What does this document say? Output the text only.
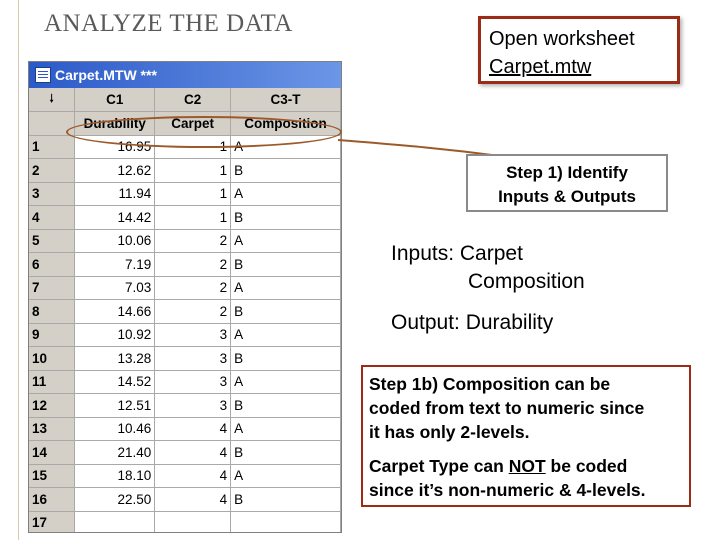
ANALYZE THE DATA
Carpet.MTW ***
🠓	C1	C2	C3-T
	Durability	Carpet	Composition
1	16.95	1	A
2	12.62	1	B
3	11.94	1	A
4	14.42	1	B
5	10.06	2	A
6	7.19	2	B
7	7.03	2	A
8	14.66	2	B
9	10.92	3	A
10	13.28	3	B
11	14.52	3	A
12	12.51	3	B
13	10.46	4	A
14	21.40	4	B
15	18.10	4	A
16	22.50	4	B
17			
Open worksheet
Carpet.mtw
Step 1) Identify
Inputs & Outputs
Inputs: Carpet
Composition
Output: Durability

Step 1b) Composition can be

coded from text to numeric since

it has only 2-levels.

Carpet Type can NOT be coded

since it’s non-numeric & 4-levels.
